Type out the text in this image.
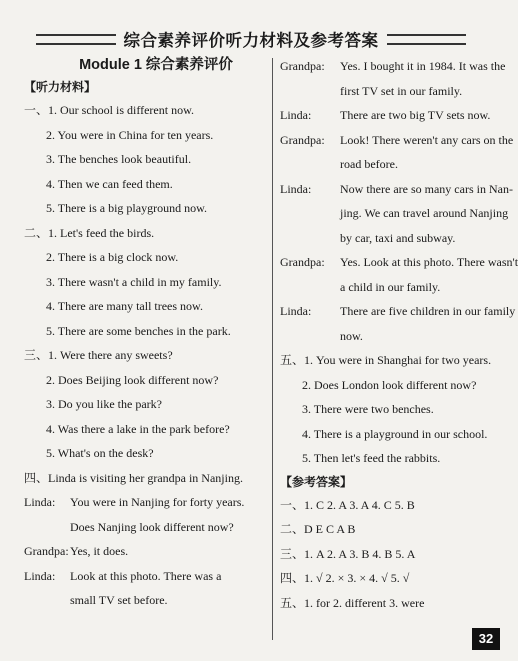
综合素养评价听力材料及参考答案
Module 1 综合素养评价
【听力材料】
一、1. Our school is different now.
2. You were in China for ten years.
3. The benches look beautiful.
4. Then we can feed them.
5. There is a big playground now.
二、1. Let's feed the birds.
2. There is a big clock now.
3. There wasn't a child in my family.
4. There are many tall trees now.
5. There are some benches in the park.
三、1. Were there any sweets?
2. Does Beijing look different now?
3. Do you like the park?
4. Was there a lake in the park before?
5. What's on the desk?
四、Linda is visiting her grandpa in Nanjing.
Linda: You were in Nanjing for forty years.
Does Nanjing look different now?
Grandpa:Yes, it does.
Linda: Look at this photo. There was a
small TV set before.
Grandpa: Yes. I bought it in 1984. It was the
first TV set in our family.
Linda: There are two big TV sets now.
Grandpa: Look! There weren't any cars on the
road before.
Linda: Now there are so many cars in Nan-
jing. We can travel around Nanjing
by car, taxi and subway.
Grandpa: Yes. Look at this photo. There wasn't
a child in our family.
Linda: There are five children in our family
now.
五、1. You were in Shanghai for two years.
2. Does London look different now?
3. There were two benches.
4. There is a playground in our school.
5. Then let's feed the rabbits.
【参考答案】
一、1. C 2. A 3. A 4. C 5. B
二、D E C A B
三、1. A 2. A 3. B 4. B 5. A
四、1. √ 2. × 3. × 4. √ 5. √
五、1. for 2. different 3. were
32
